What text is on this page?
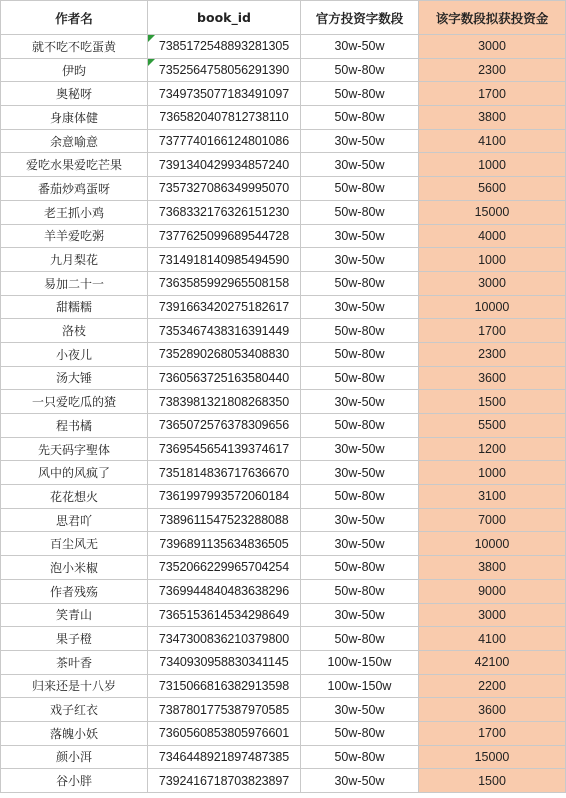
作者名	book_id	官方投资字数段	该字数段拟获投资金
就不吃不吃蛋黄	7385172548893281305	30w-50w	3000
伊昀	7352564758056291390	50w-80w	2300
奥秘呀	7349735077183491097	50w-80w	1700
身康体健	7365820407812738110	50w-80w	3800
余意喻意	7377740166124801086	30w-50w	4100
爱吃水果爱吃芒果	7391340429934857240	30w-50w	1000
番茄炒鸡蛋呀	7357327086349995070	50w-80w	5600
老王抓小鸡	7368332176326151230	50w-80w	15000
羊羊爱吃粥	7377625099689544728	30w-50w	4000
九月梨花	7314918140985494590	30w-50w	1000
易加二十一	7363585992965508158	50w-80w	3000
甜糯糯	7391663420275182617	30w-50w	10000
洛枝	7353467438316391449	50w-80w	1700
小夜儿	7352890268053408830	50w-80w	2300
汤大锤	7360563725163580440	50w-80w	3600
一只爱吃瓜的猹	7383981321808268350	30w-50w	1500
程书橘	7365072576378309656	50w-80w	5500
先天码字聖体	7369545654139374617	30w-50w	1200
风中的风疯了	7351814836717636670	30w-50w	1000
花花想火	7361997993572060184	50w-80w	3100
思君吖	7389611547523288088	30w-50w	7000
百尘风无	7396891135634836505	30w-50w	10000
泡小米椒	7352066229965704254	50w-80w	3800
作者残殇	7369944840483638296	50w-80w	9000
笑青山	7365153614534298649	30w-50w	3000
果子橙	7347300836210379800	50w-80w	4100
茶叶香	7340930958830341145	100w-150w	42100
归来还是十八岁	7315066816382913598	100w-150w	2200
戏子红衣	7387801775387970585	30w-50w	3600
落魄小妖	7360560853805976601	50w-80w	1700
颜小洱	7346448921897487385	50w-80w	15000
谷小胖	7392416718703823897	30w-50w	1500
